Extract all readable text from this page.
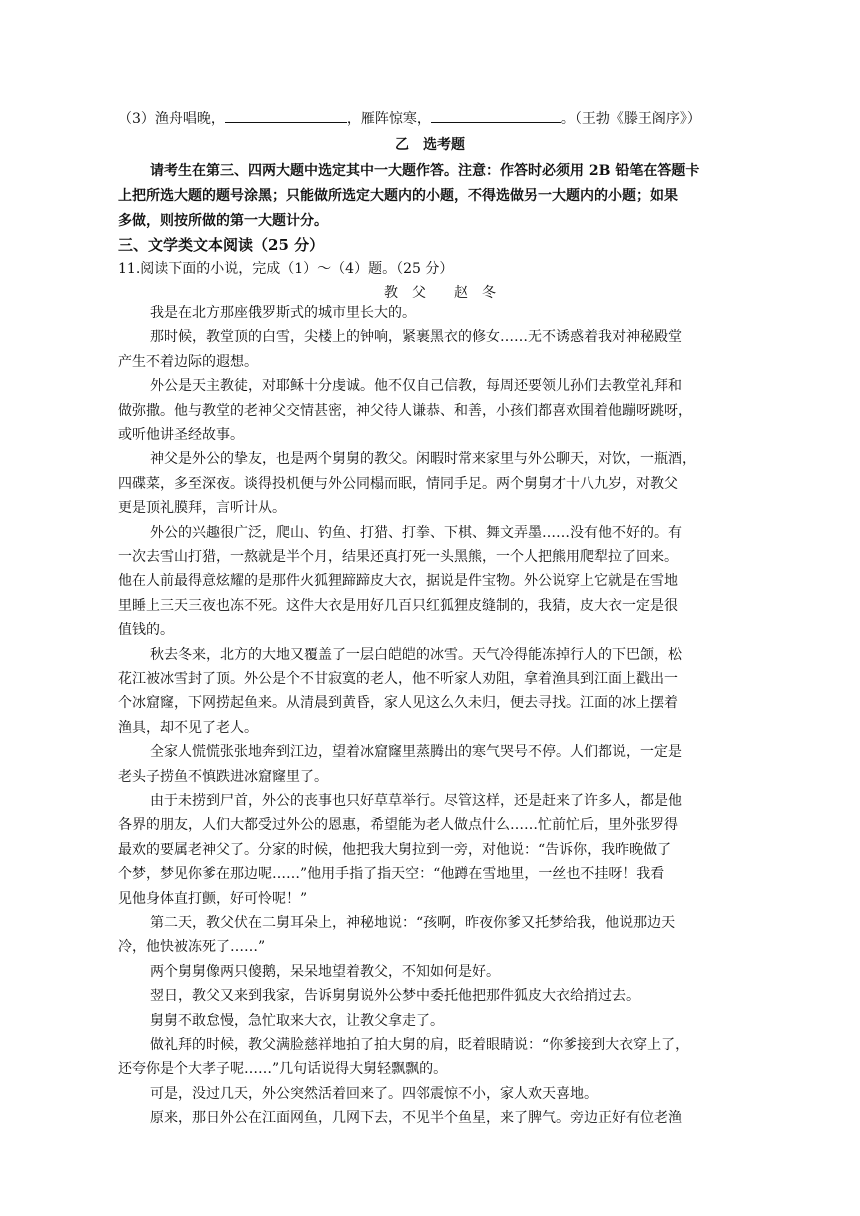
（3）渔舟唱晚，	，雁阵惊寒，	。（王勃《滕王阁序》）
乙　选考题
请考生在第三、四两大题中选定其中一大题作答。注意：作答时必须用 2B 铅笔在答题卡
上把所选大题的题号涂黑；只能做所选定大题内的小题，不得选做另一大题内的小题；如果
多做，则按所做的第一大题计分。
三、文学类文本阅读（25 分）
11.阅读下面的小说，完成（1）～（4）题。（25 分）
教　父　　赵　冬
我是在北方那座俄罗斯式的城市里长大的。
那时候，教堂顶的白雪，尖楼上的钟响，紧裹黑衣的修女……无不诱惑着我对神秘殿堂
产生不着边际的遐想。
外公是天主教徒，对耶稣十分虔诚。他不仅自己信教，每周还要领儿孙们去教堂礼拜和
做弥撒。他与教堂的老神父交情甚密，神父待人谦恭、和善，小孩们都喜欢围着他蹦呀跳呀，
或听他讲圣经故事。
神父是外公的挚友，也是两个舅舅的教父。闲暇时常来家里与外公聊天，对饮，一瓶酒，
四碟菜，多至深夜。谈得投机便与外公同榻而眠，情同手足。两个舅舅才十八九岁，对教父
更是顶礼膜拜，言听计从。
外公的兴趣很广泛，爬山、钓鱼、打猎、打拳、下棋、舞文弄墨……没有他不好的。有
一次去雪山打猎，一熬就是半个月，结果还真打死一头黑熊，一个人把熊用爬犁拉了回来。
他在人前最得意炫耀的是那件火狐狸蹄蹄皮大衣，据说是件宝物。外公说穿上它就是在雪地
里睡上三天三夜也冻不死。这件大衣是用好几百只红狐狸皮缝制的，我猜，皮大衣一定是很
值钱的。
秋去冬来，北方的大地又覆盖了一层白皑皑的冰雪。天气冷得能冻掉行人的下巴颌，松
花江被冰雪封了顶。外公是个不甘寂寞的老人，他不听家人劝阻，拿着渔具到江面上戳出一
个冰窟窿，下网捞起鱼来。从清晨到黄昏，家人见这么久未归，便去寻找。江面的冰上摆着
渔具，却不见了老人。
全家人慌慌张张地奔到江边，望着冰窟窿里蒸腾出的寒气哭号不停。人们都说，一定是
老头子捞鱼不慎跌进冰窟窿里了。
由于未捞到尸首，外公的丧事也只好草草举行。尽管这样，还是赶来了许多人，都是他
各界的朋友，人们大都受过外公的恩惠，希望能为老人做点什么……忙前忙后，里外张罗得
最欢的要属老神父了。分家的时候，他把我大舅拉到一旁，对他说：“告诉你，我昨晚做了
个梦，梦见你爹在那边呢……”他用手指了指天空：“他蹲在雪地里，一丝也不挂呀！我看
见他身体直打颤，好可怜呢！”
第二天，教父伏在二舅耳朵上，神秘地说：“孩啊，昨夜你爹又托梦给我，他说那边天
冷，他快被冻死了……”
两个舅舅像两只傻鹅，呆呆地望着教父，不知如何是好。
翌日，教父又来到我家，告诉舅舅说外公梦中委托他把那件狐皮大衣给捎过去。
舅舅不敢怠慢，急忙取来大衣，让教父拿走了。
做礼拜的时候，教父满脸慈祥地拍了拍大舅的肩，眨着眼睛说：“你爹接到大衣穿上了，
还夸你是个大孝子呢……”几句话说得大舅轻飘飘的。
可是，没过几天，外公突然活着回来了。四邻震惊不小，家人欢天喜地。
原来，那日外公在江面网鱼，几网下去，不见半个鱼星，来了脾气。旁边正好有位老渔
